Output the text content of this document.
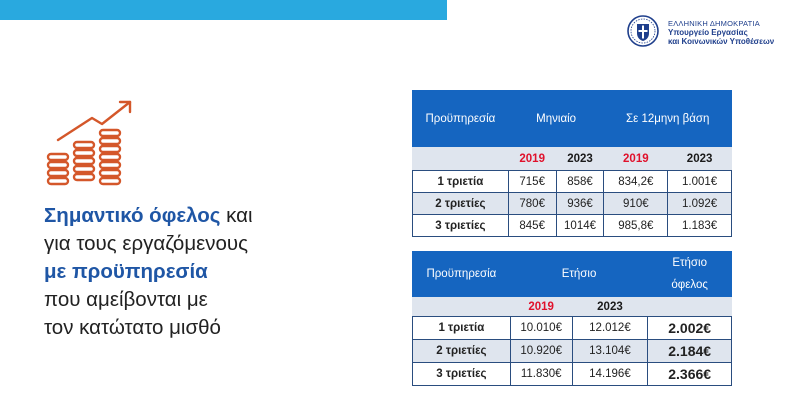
ΕΛΛΗΝΙΚΗ ΔΗΜΟΚΡΑΤΙΑ
Υπουργείο Εργασίας
και Κοινωνικών Υποθέσεων
Σημαντικό όφελος και
για τους εργαζόμενους
με προϋπηρεσία
που αμείβονται με
τον κατώτατο μισθό
Προϋπηρεσία	Μηνιαίο		Σε 12μηνη βάση	
	2019	2023	2019	2023
1 τριετία	715€	858€	834,2€	1.001€
2 τριετίες	780€	936€	910€	1.092€
3 τριετίες	845€	1014€	985,8€	1.183€
Προϋπηρεσία	Ετήσιο		Ετήσιο
όφελος

	2019	2023	
1 τριετία	10.010€	12.012€	2.002€
2 τριετίες	10.920€	13.104€	2.184€
3 τριετίες	11.830€	14.196€	2.366€
